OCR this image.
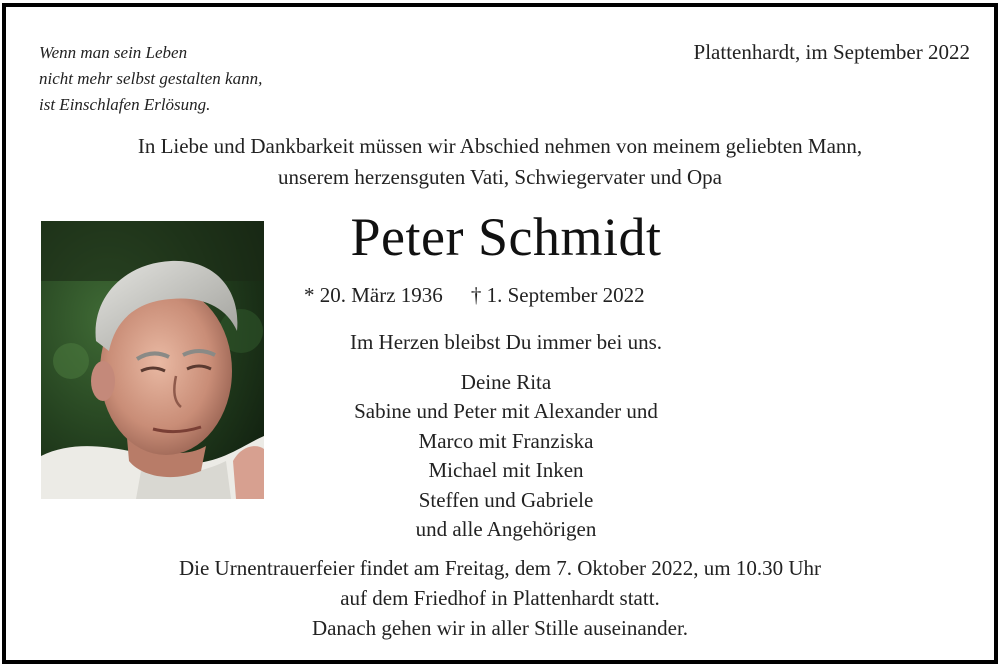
Wenn man sein Leben
nicht mehr selbst gestalten kann,
ist Einschlafen Erlösung.
Plattenhardt, im September 2022
In Liebe und Dankbarkeit müssen wir Abschied nehmen von meinem geliebten Mann,
unserem herzensguten Vati, Schwiegervater und Opa
Peter Schmidt
* 20. März 1936 † 1. September 2022
Im Herzen bleibst Du immer bei uns.
Deine Rita
Sabine und Peter mit Alexander und
Marco mit Franziska
Michael mit Inken
Steffen und Gabriele
und alle Angehörigen
Die Urnentrauerfeier findet am Freitag, dem 7. Oktober 2022, um 10.30 Uhr
auf dem Friedhof in Plattenhardt statt.
Danach gehen wir in aller Stille auseinander.
